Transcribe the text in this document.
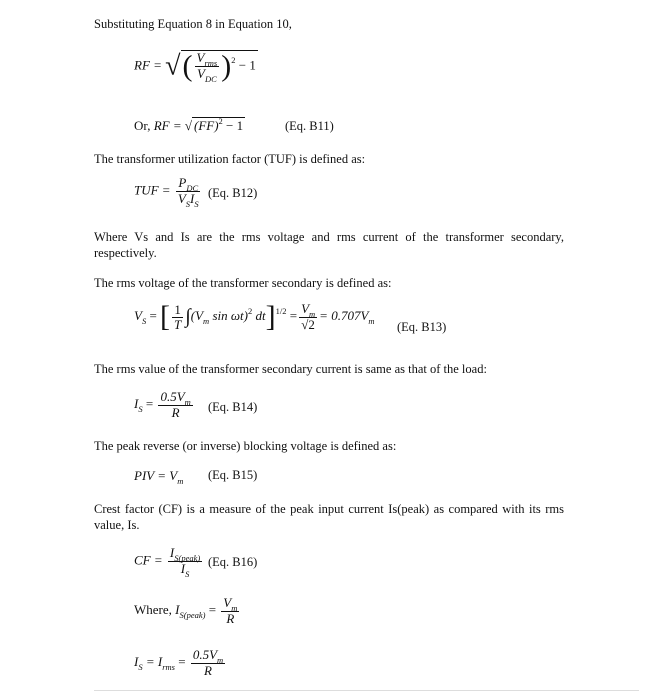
Substituting Equation 8 in Equation 10,
RF = √( $\frac{V_{rms}}{V_{DC}} )^2 - 1$
Or, RF = √ (FF)$^2$ − 1	(Eq. B11)
The transformer utilization factor (TUF) is defined as:
TUF = $\frac{P_{DC}}{V_SI_S} (Eq$. B12)
Where Vs and Is are the rms voltage and rms current of the transformer secondary, respectively.
The rms voltage of the transformer secondary is defined as:
$V_S$ = [ $\frac{1}{T} \int(V_m$ sin ωt)$^2$ $dt]^{1/2} = \frac{V_m}{√2} = 0.707V_m$ (Eq. B13)
The rms value of the transformer secondary current is same as that of the load:
$I_S = \frac{0.5V_m}{R} (Eq$. B14)
The peak reverse (or inverse) blocking voltage is defined as:
PIV = $V_m$ (Eq. B15)
Crest factor (CF) is a measure of the peak input current Is(peak) as compared with its rms value, Is.
CF = $\frac{I_{S(peak)}}{I_S} (Eq$. B16)
Where, $I_{S(peak)} = \frac{V_m}{R}$
$I_S = I_{rms} = \frac{0.5V_m}{R}$
